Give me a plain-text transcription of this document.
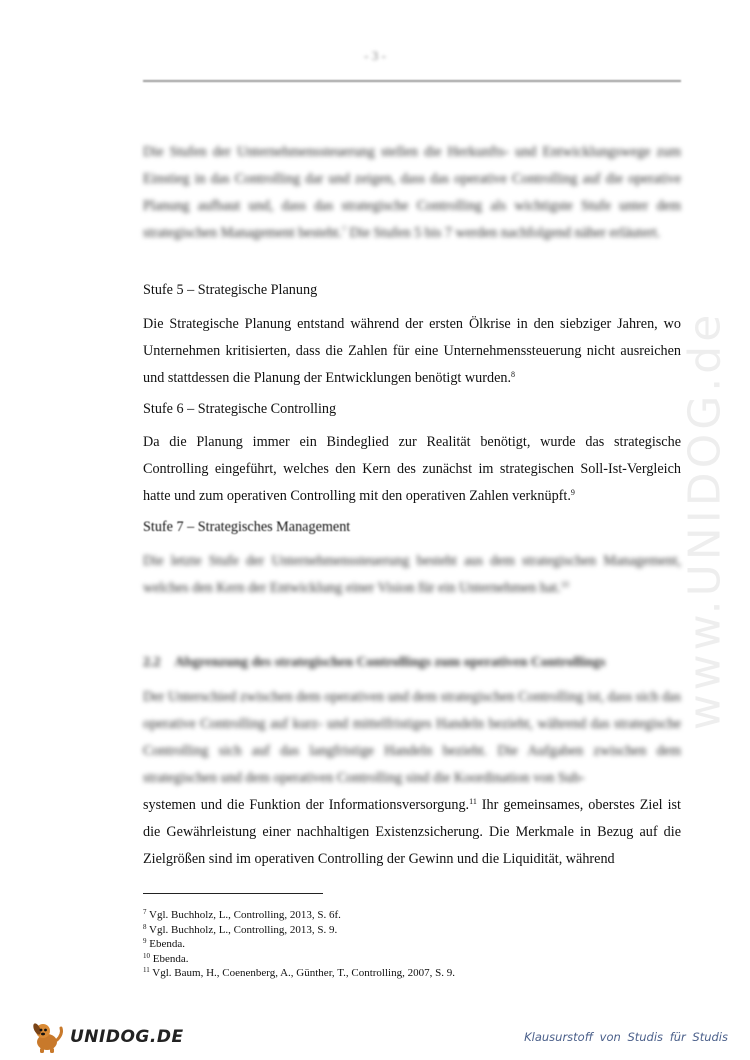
- 3 -
www.UNIDOG.de

Die Stufen der Unternehmenssteuerung stellen die Herkunfts- und Entwicklungswege zum Einstieg in das Controlling dar und zeigen, dass das operative Controlling auf die operative Planung aufbaut und, dass das strategische Controlling als wichtigste Stufe unter dem strategischen Management besteht.$^7$ Die Stufen 5 bis 7 werden nachfolgend näher erläutert.

Stufe 5 – Strategische Planung

Die Strategische Planung entstand während der ersten Ölkrise in den siebziger Jahren, wo Unternehmen kritisierten, dass die Zahlen für eine Unternehmenssteuerung nicht ausreichen und stattdessen die Planung der Entwicklungen benötigt wurden.$^8$

Stufe 6 – Strategische Controlling

Da die Planung immer ein Bindeglied zur Realität benötigt, wurde das strategische Controlling eingeführt, welches den Kern des zunächst im strategischen Soll-Ist-Vergleich hatte und zum operativen Controlling mit den operativen Zahlen verknüpft.$^9$

Stufe 7 – Strategisches Management

Die letzte Stufe der Unternehmenssteuerung besteht aus dem strategischen Management, welches den Kern der Entwicklung einer Vision für ein Unternehmen hat.$^{10}$

2.2 Abgrenzung des strategischen Controllings zum operativen Controllings

Der Unterschied zwischen dem operativen und dem strategischen Controlling ist, dass sich das operative Controlling auf kurz- und mittelfristiges Handeln bezieht, während das strategische Controlling sich auf das langfristige Handeln bezieht. Die Aufgaben zwischen dem strategischen und dem operativen Controlling sind die Koordination von Sub-

systemen und die Funktion der Informationsversorgung.$^{11}$ Ihr gemeinsames, oberstes Ziel ist die Gewährleistung einer nachhaltigen Existenzsicherung. Die Merkmale in Bezug auf die Zielgrößen sind im operativen Controlling der Gewinn und die Liquidität, während

$^7$ Vgl. Buchholz, L., Controlling, 2013, S. 6f.
$^8$ Vgl. Buchholz, L., Controlling, 2013, S. 9.
$^9$ Ebenda.
$^{10}$ Ebenda.
$^{11}$ Vgl. Baum, H., Coenenberg, A., Günther, T., Controlling, 2007, S. 9.
UNIDOG.DE	Klausurstoff von Studis für Studis
